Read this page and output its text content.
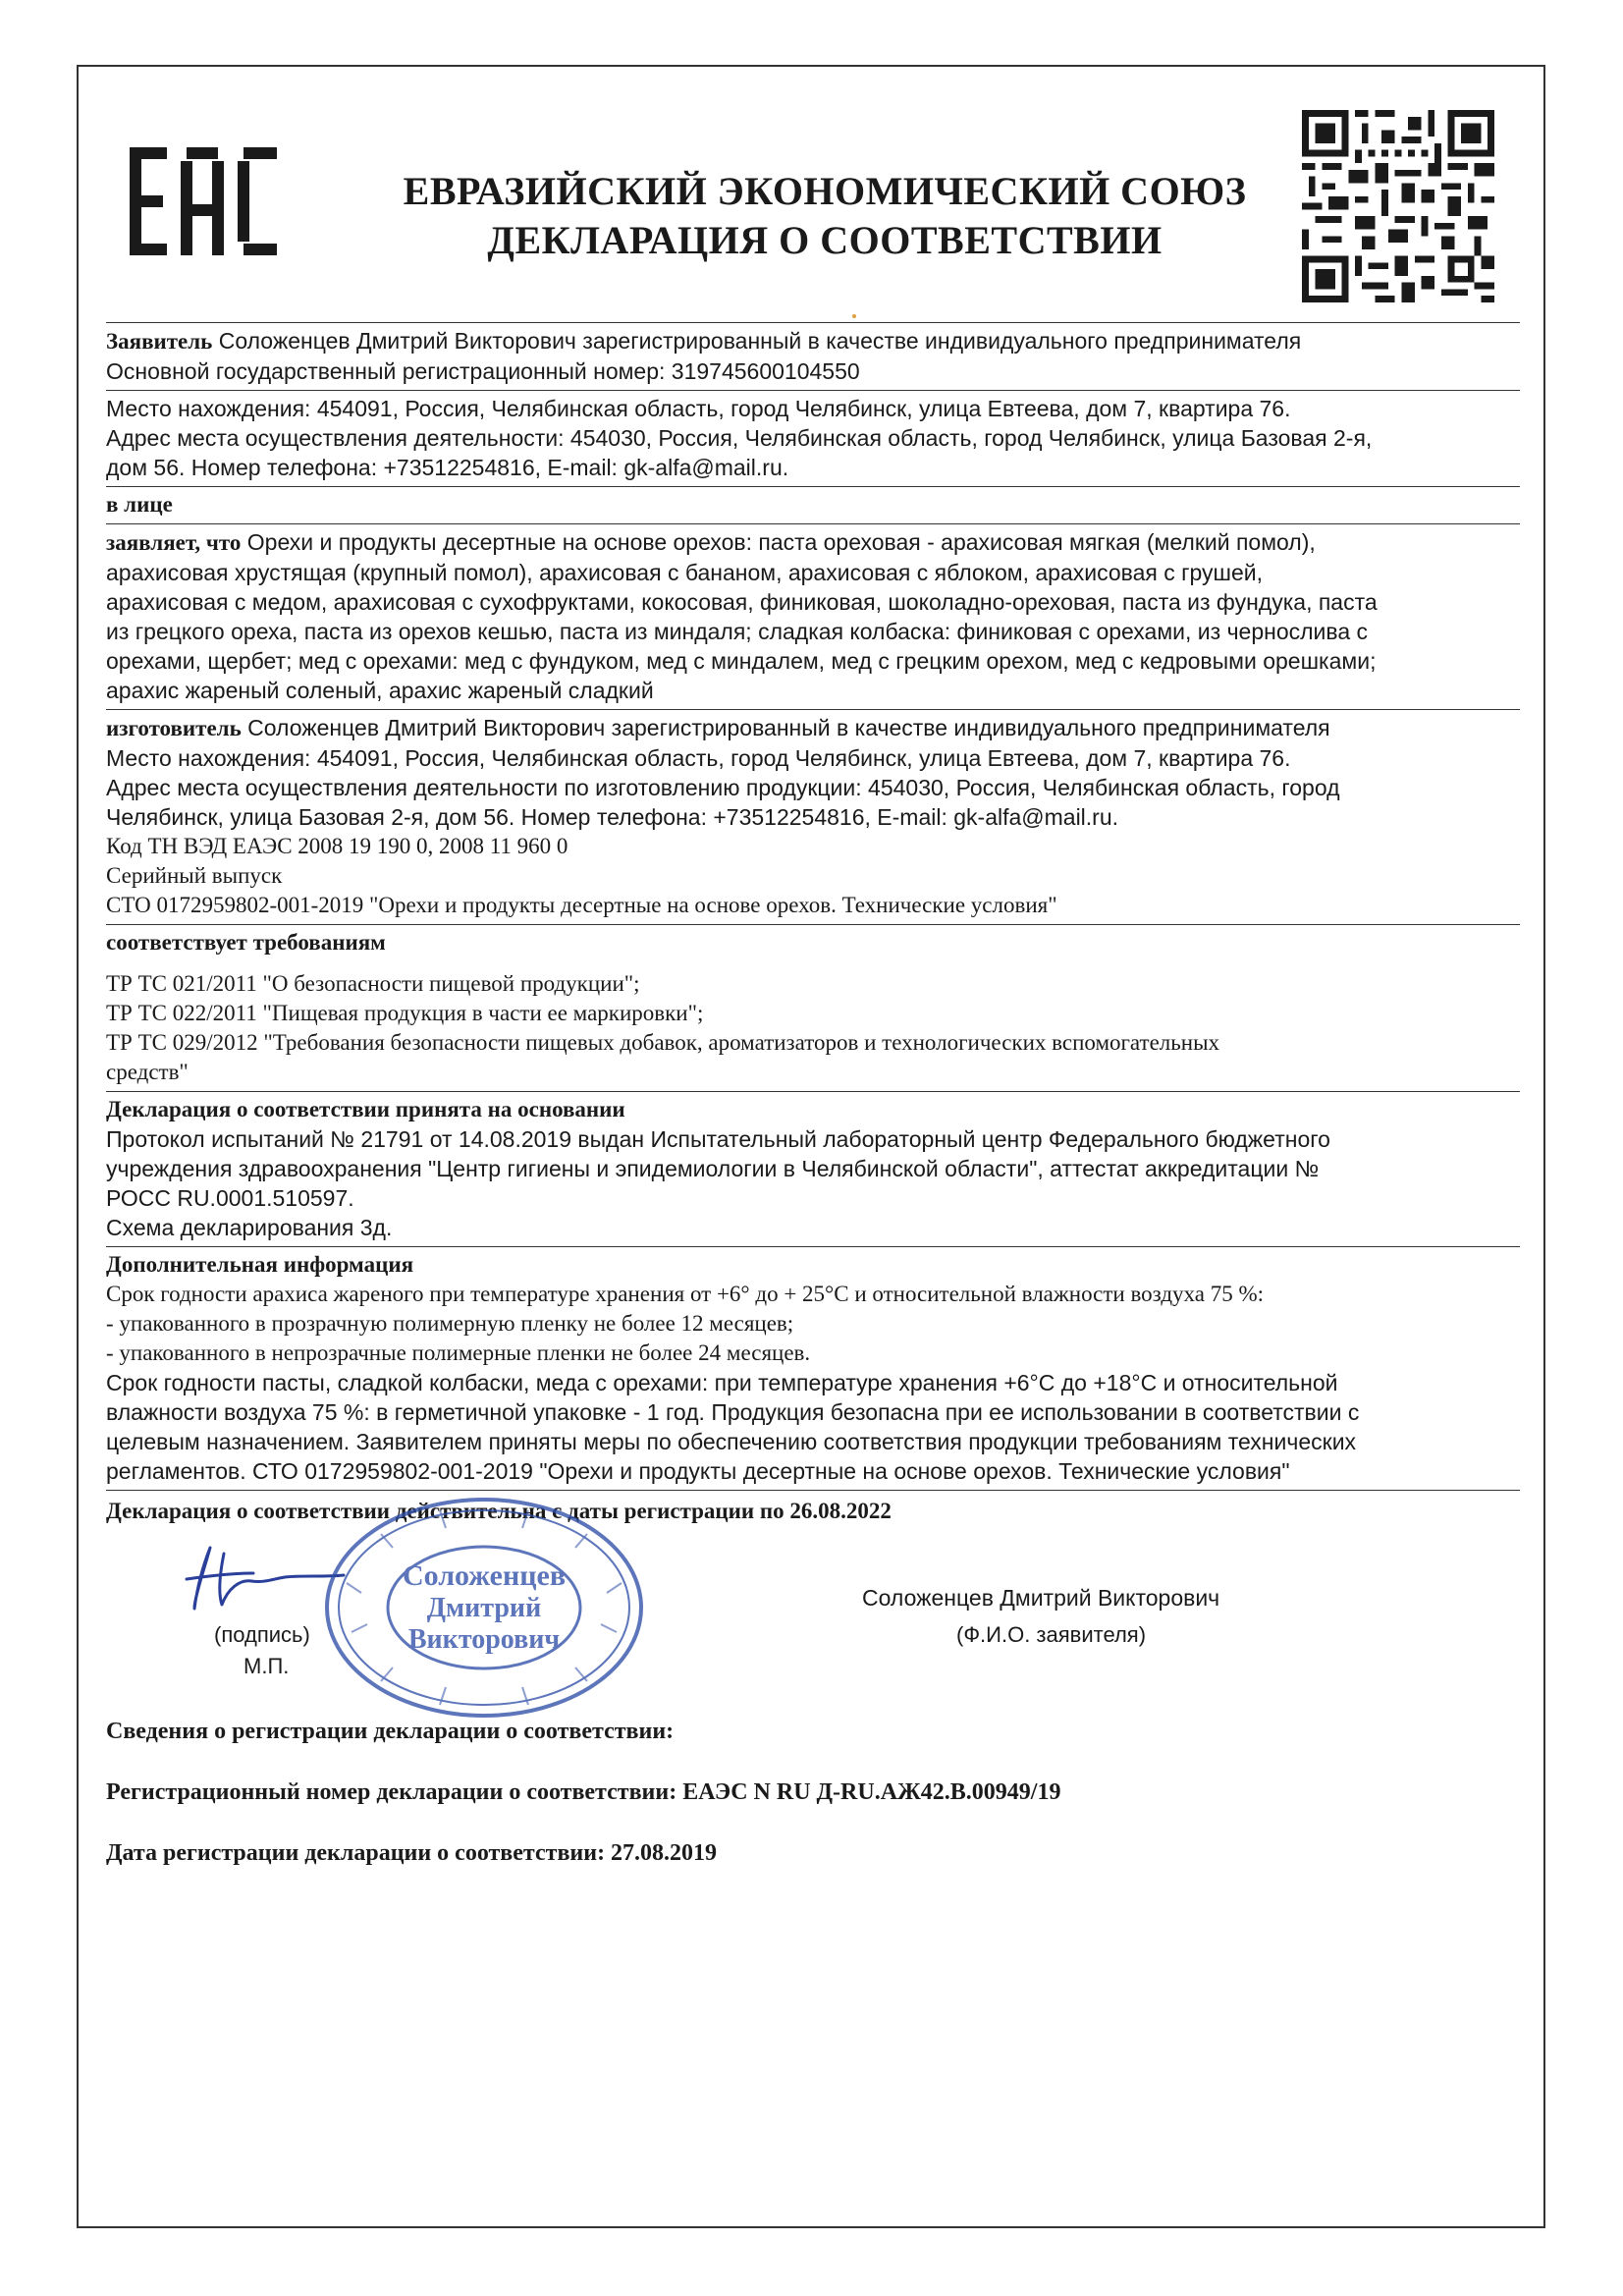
ЕВРАЗИЙСКИЙ ЭКОНОМИЧЕСКИЙ СОЮЗ
ДЕКЛАРАЦИЯ О СООТВЕТСТВИИ
Заявитель Соложенцев Дмитрий Викторович зарегистрированный в качестве индивидуального предпринимателя
Основной государственный регистрационный номер: 319745600104550
Место нахождения: 454091, Россия, Челябинская область, город Челябинск, улица Евтеева, дом 7, квартира 76.
Адрес места осуществления деятельности: 454030, Россия, Челябинская область, город Челябинск, улица Базовая 2-я,
дом 56. Номер телефона: +73512254816, E-mail: gk-alfa@mail.ru.
в лице
заявляет, что Орехи и продукты десертные на основе орехов: паста ореховая - арахисовая мягкая (мелкий помол),
арахисовая хрустящая (крупный помол), арахисовая с бананом, арахисовая с яблоком, арахисовая с грушей,
арахисовая с медом, арахисовая с сухофруктами, кокосовая, финиковая, шоколадно-ореховая, паста из фундука, паста
из грецкого ореха, паста из орехов кешью, паста из миндаля; сладкая колбаска: финиковая с орехами, из чернослива с
орехами, щербет; мед с орехами: мед с фундуком, мед с миндалем, мед с грецким орехом, мед с кедровыми орешками;
арахис жареный соленый, арахис жареный сладкий
изготовитель Соложенцев Дмитрий Викторович зарегистрированный в качестве индивидуального предпринимателя
Место нахождения: 454091, Россия, Челябинская область, город Челябинск, улица Евтеева, дом 7, квартира 76.
Адрес места осуществления деятельности по изготовлению продукции: 454030, Россия, Челябинская область, город
Челябинск, улица Базовая 2-я, дом 56. Номер телефона: +73512254816, E-mail: gk-alfa@mail.ru.
Код ТН ВЭД ЕАЭС 2008 19 190 0, 2008 11 960 0
Серийный выпуск
СТО 0172959802-001-2019 "Орехи и продукты десертные на основе орехов. Технические условия"
соответствует требованиям
ТР ТС 021/2011 "О безопасности пищевой продукции";
ТР ТС 022/2011 "Пищевая продукция в части ее маркировки";
ТР ТС 029/2012 "Требования безопасности пищевых добавок, ароматизаторов и технологических вспомогательных
средств"
Декларация о соответствии принята на основании
Протокол испытаний № 21791 от 14.08.2019 выдан Испытательный лабораторный центр Федерального бюджетного
учреждения здравоохранения "Центр гигиены и эпидемиологии в Челябинской области", аттестат аккредитации №
РОСС RU.0001.510597.
Схема декларирования 3д.
Дополнительная информация
Срок годности арахиса жареного при температуре хранения от +6° до + 25°С и относительной влажности воздуха 75 %:
- упакованного в прозрачную полимерную пленку не более 12 месяцев;
- упакованного в непрозрачные полимерные пленки не более 24 месяцев.
Срок годности пасты, сладкой колбаски, меда с орехами: при температуре хранения +6°С до +18°С и относительной
влажности воздуха 75 %: в герметичной упаковке - 1 год. Продукция безопасна при ее использовании в соответствии с
целевым назначением. Заявителем приняты меры по обеспечению соответствия продукции требованиям технических
регламентов. СТО 0172959802-001-2019 "Орехи и продукты десертные на основе орехов. Технические условия"
Декларация о соответствии действительна с даты регистрации по 26.08.2022
Соложенцев
Дмитрий
Викторович
(подпись)
М.П.
Соложенцев Дмитрий Викторович
(Ф.И.О. заявителя)
Сведения о регистрации декларации о соответствии:
Регистрационный номер декларации о соответствии: ЕАЭС N RU Д-RU.АЖ42.В.00949/19
Дата регистрации декларации о соответствии: 27.08.2019
